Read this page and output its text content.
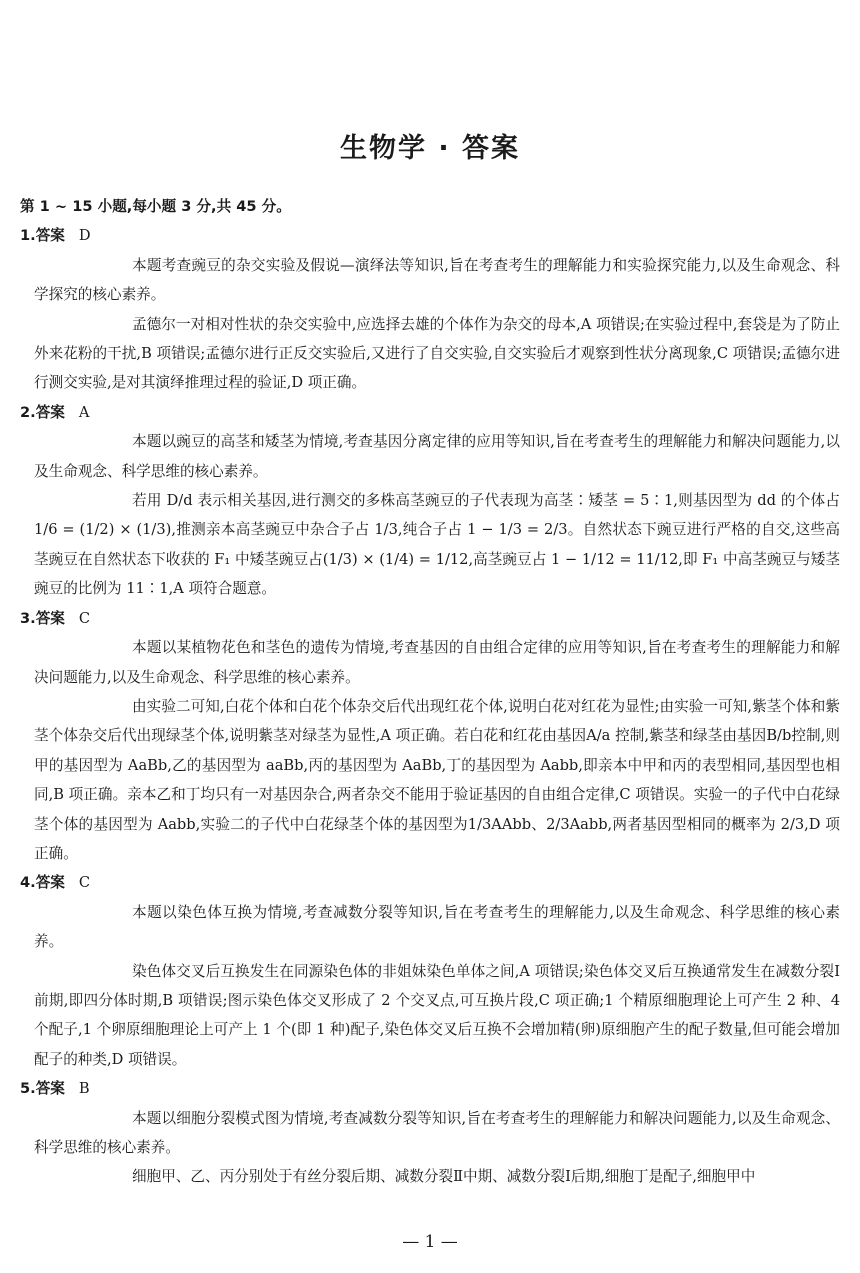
生物学 · 答案
第 1 ~ 15 小题,每小题 3 分,共 45 分。
1.答案 D
本题考查豌豆的杂交实验及假说—演绎法等知识,旨在考查考生的理解能力和实验探究能力,以及生命观念、科学探究的核心素养。
孟德尔一对相对性状的杂交实验中,应选择去雄的个体作为杂交的母本,A 项错误;在实验过程中,套袋是为了防止外来花粉的干扰,B 项错误;孟德尔进行正反交实验后,又进行了自交实验,自交实验后才观察到性状分离现象,C 项错误;孟德尔进行测交实验,是对其演绎推理过程的验证,D 项正确。
2.答案 A
本题以豌豆的高茎和矮茎为情境,考查基因分离定律的应用等知识,旨在考查考生的理解能力和解决问题能力,以及生命观念、科学思维的核心素养。
若用 D/d 表示相关基因,进行测交的多株高茎豌豆的子代表现为高茎∶矮茎 = 5∶1,则基因型为 dd 的个体占 1/6 = (1/2) × (1/3),推测亲本高茎豌豆中杂合子占 1/3,纯合子占 1 − 1/3 = 2/3。自然状态下豌豆进行严格的自交,这些高茎豌豆在自然状态下收获的 F₁ 中矮茎豌豆占(1/3) × (1/4) = 1/12,高茎豌豆占 1 − 1/12 = 11/12,即 F₁ 中高茎豌豆与矮茎豌豆的比例为 11∶1,A 项符合题意。
3.答案 C
本题以某植物花色和茎色的遗传为情境,考查基因的自由组合定律的应用等知识,旨在考查考生的理解能力和解决问题能力,以及生命观念、科学思维的核心素养。
由实验二可知,白花个体和白花个体杂交后代出现红花个体,说明白花对红花为显性;由实验一可知,紫茎个体和紫茎个体杂交后代出现绿茎个体,说明紫茎对绿茎为显性,A 项正确。若白花和红花由基因A/a 控制,紫茎和绿茎由基因B/b控制,则甲的基因型为 AaBb,乙的基因型为 aaBb,丙的基因型为 AaBb,丁的基因型为 Aabb,即亲本中甲和丙的表型相同,基因型也相同,B 项正确。亲本乙和丁均只有一对基因杂合,两者杂交不能用于验证基因的自由组合定律,C 项错误。实验一的子代中白花绿茎个体的基因型为 Aabb,实验二的子代中白花绿茎个体的基因型为1/3AAbb、2/3Aabb,两者基因型相同的概率为 2/3,D 项正确。
4.答案 C
本题以染色体互换为情境,考查减数分裂等知识,旨在考查考生的理解能力,以及生命观念、科学思维的核心素养。
染色体交叉后互换发生在同源染色体的非姐妹染色单体之间,A 项错误;染色体交叉后互换通常发生在减数分裂Ⅰ前期,即四分体时期,B 项错误;图示染色体交叉形成了 2 个交叉点,可互换片段,C 项正确;1 个精原细胞理论上可产生 2 种、4 个配子,1 个卵原细胞理论上可产上 1 个(即 1 种)配子,染色体交叉后互换不会增加精(卵)原细胞产生的配子数量,但可能会增加配子的种类,D 项错误。
5.答案 B
本题以细胞分裂模式图为情境,考查减数分裂等知识,旨在考查考生的理解能力和解决问题能力,以及生命观念、科学思维的核心素养。
细胞甲、乙、丙分别处于有丝分裂后期、减数分裂Ⅱ中期、减数分裂Ⅰ后期,细胞丁是配子,细胞甲中
— 1 —
